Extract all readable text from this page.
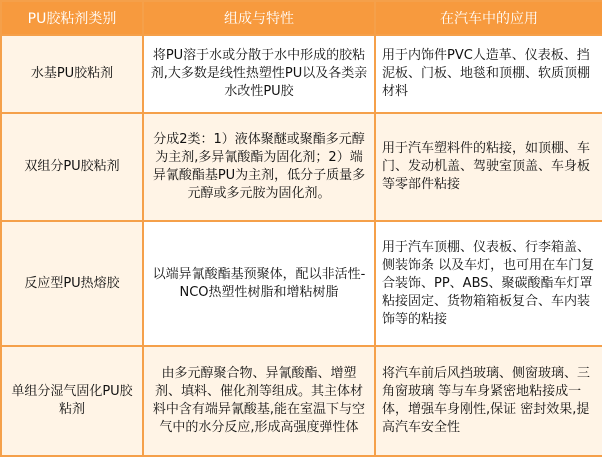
PU胶粘剂类别	组成与特性	在汽车中的应用
水基PU胶粘剂	将PU溶于水或分散于水中形成的胶粘剂,大多数是线性热塑性PU以及各类亲水改性PU胶	用于内饰件PVC人造革、仪表板、挡泥板、门板、地毯和顶棚、软质顶棚材料
双组分PU胶粘剂	分成2类：1）液体聚醚或聚酯多元醇为主剂,多异氰酸酯为固化剂；2）端异氰酸酯基PU为主剂，低分子质量多元醇或多元胺为固化剂。	用于汽车塑料件的粘接，如顶棚、车门、发动机盖、驾驶室顶盖、车身板等零部件粘接
反应型PU热熔胶	以端异氰酸酯基预聚体，配以非活性-NCO热塑性树脂和增粘树脂	用于汽车顶棚、仪表板、行李箱盖、侧装饰条 以及车灯，也可用在车门复合装饰、PP、ABS、聚碳酸酯车灯罩粘接固定、货物箱箱板复合、车内装饰等的粘接
单组分湿气固化PU胶粘剂	由多元醇聚合物、异氰酸酯、增塑剂、填料、催化剂等组成。其主体材料中含有端异氰酸基,能在室温下与空气中的水分反应,形成高强度弹性体	将汽车前后风挡玻璃、侧窗玻璃、三角窗玻璃 等与车身紧密地粘接成一体，增强车身刚性,保证 密封效果,提高汽车安全性
